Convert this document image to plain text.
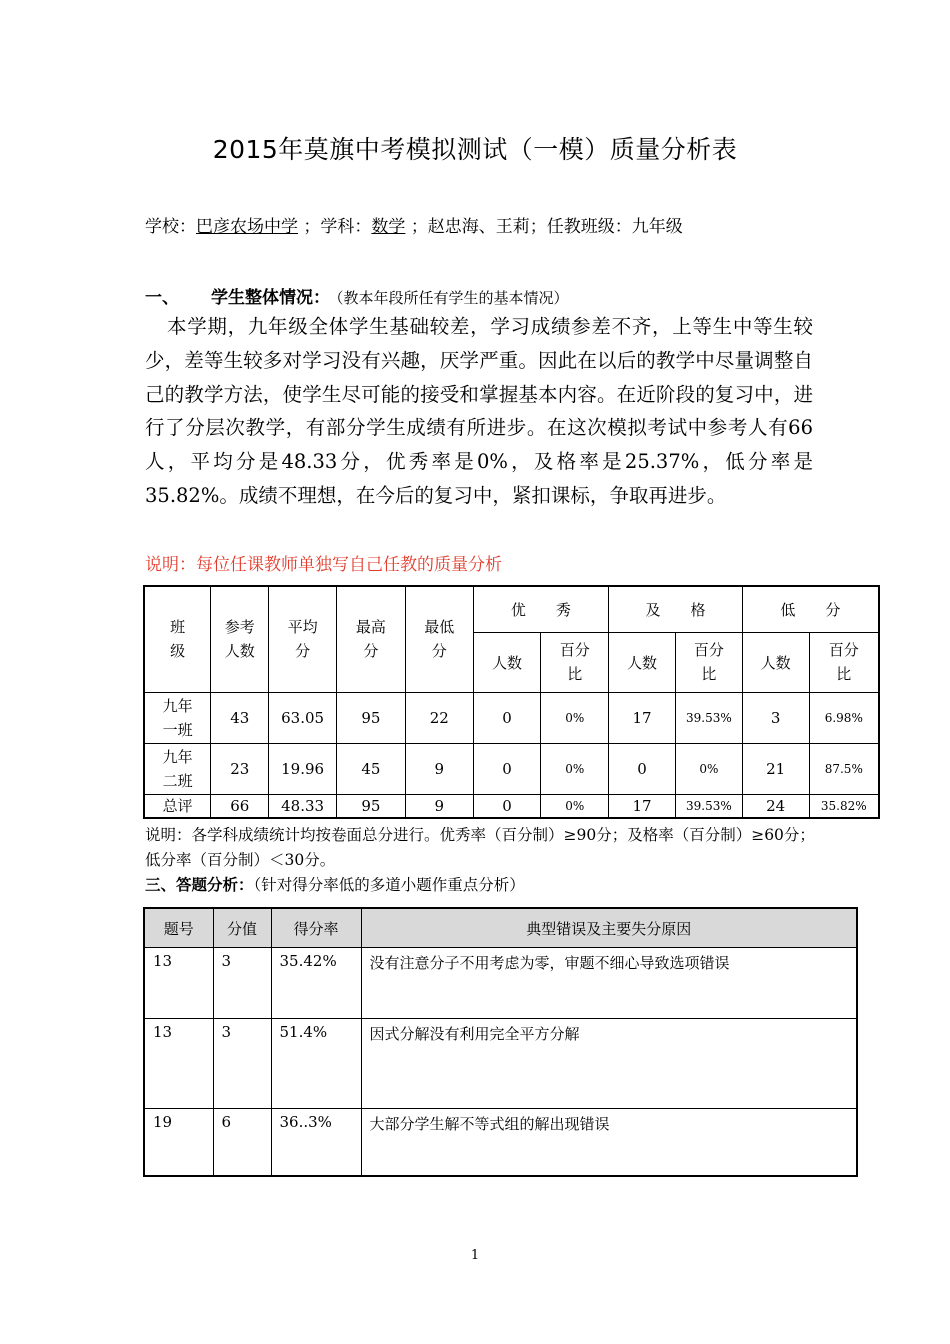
2015年莫旗中考模拟测试（一模）质量分析表
学校：巴彦农场中学 ；学科：数学 ；赵忠海、王莉；任教班级：九年级
一、 学生整体情况： （教本年段所任有学生的基本情况）
本学期，九年级全体学生基础较差，学习成绩参差不齐，上等生中等生较少，差等生较多对学习没有兴趣，厌学严重。因此在以后的教学中尽量调整自己的教学方法，使学生尽可能的接受和掌握基本内容。在近阶段的复习中，进行了分层次教学，有部分学生成绩有所进步。在这次模拟考试中参考人有66人，平均分是48.33分，优秀率是0%，及格率是25.37%，低分率是35.82%。成绩不理想，在今后的复习中，紧扣课标，争取再进步。
说明：每位任课教师单独写自己任教的质量分析
班级	参考人数	平均分	最高分	最低分	优　　秀		及　　格		低　　分	
					人数	百分比	人数	百分比	人数	百分比

九年一班	43	63.05	95	22	0	0%	17	39.53%	3	6.98%

九年二班	23	19.96	45	9	0	0%	0	0%	21	87.5%
总评	66	48.33	95	9	0	0%	17	39.53%	24	35.82%
说明：各学科成绩统计均按卷面总分进行。优秀率（百分制）≥90分；及格率（百分制）≥60分；低分率（百分制）＜30分。
三、答题分析：（针对得分率低的多道小题作重点分析）
题号	分值	得分率	典型错误及主要失分原因
13	3	35.42%	没有注意分子不用考虑为零，审题不细心导致选项错误
13	3	51.4%	因式分解没有利用完全平方分解
19	6	36..3%	大部分学生解不等式组的解出现错误
1
